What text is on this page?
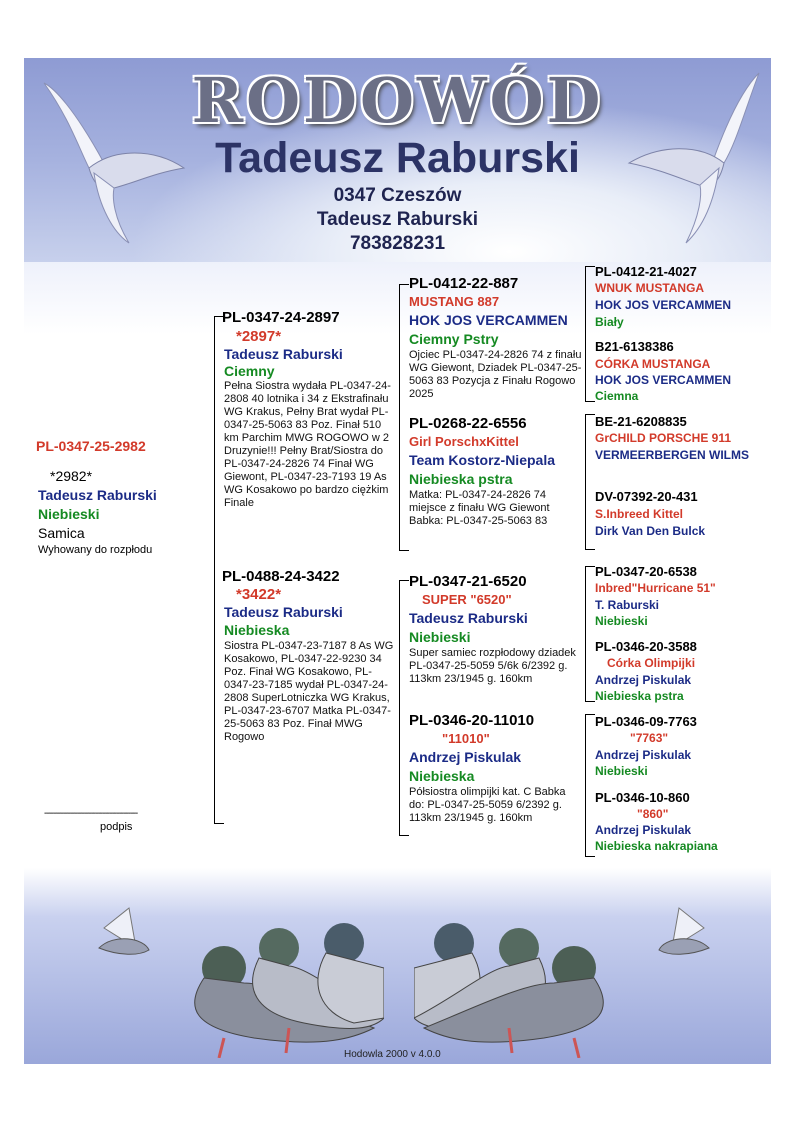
RODOWÓD
Tadeusz Raburski
0347 Czeszów
Tadeusz Raburski
783828231
Hodowla 2000 v 4.0.0
PL-0347-25-2982
*2982*
Tadeusz Raburski
Niebieski
Samica
Wyhowany do rozpłodu
----------------------------------------
podpis
PL-0347-24-2897
*2897*
Tadeusz Raburski
Ciemny
Pełna Siostra wydała PL-0347-24-2808 40 lotnika i 34 z Ekstrafinału WG Krakus, Pełny Brat wydał PL-0347-25-5063 83 Poz. Finał 510 km Parchim MWG ROGOWO w 2 Druzynie!!! Pełny Brat/Siostra do PL-0347-24-2826 74 Finał WG Giewont, PL-0347-23-7193 19 As WG Kosakowo po bardzo ciężkim Finale
PL-0488-24-3422
*3422*
Tadeusz Raburski
Niebieska
Siostra PL-0347-23-7187 8 As WG Kosakowo, PL-0347-22-9230 34 Poz. Finał WG Kosakowo, PL-0347-23-7185 wydał PL-0347-24-2808 SuperLotniczka WG Krakus, PL-0347-23-6707 Matka PL-0347-25-5063 83 Poz. Finał MWG Rogowo
PL-0412-22-887
MUSTANG 887
HOK JOS VERCAMMEN
Ciemny Pstry
Ojciec PL-0347-24-2826 74 z finału WG Giewont, Dziadek PL-0347-25-5063 83 Pozycja z Finału Rogowo 2025
PL-0268-22-6556
Girl PorschxKittel
Team Kostorz-Niepala
Niebieska pstra
Matka: PL-0347-24-2826 74 miejsce z finału WG Giewont Babka: PL-0347-25-5063 83
PL-0347-21-6520
SUPER "6520"
Tadeusz Raburski
Niebieski
Super samiec rozpłodowy dziadek PL-0347-25-5059 5/6k 6/2392 g. 113km 23/1945 g. 160km
PL-0346-20-11010
"11010"
Andrzej Piskulak
Niebieska
Półsiostra olimpijki kat. C Babka do: PL-0347-25-5059 6/2392 g. 113km 23/1945 g. 160km
PL-0412-21-4027
WNUK MUSTANGA
HOK JOS VERCAMMEN
Biały
B21-6138386
CÓRKA MUSTANGA
HOK JOS VERCAMMEN
Ciemna
BE-21-6208835
GrCHILD PORSCHE 911
VERMEERBERGEN WILMS
DV-07392-20-431
S.Inbreed Kittel
Dirk Van Den Bulck
PL-0347-20-6538
Inbred"Hurricane 51"
T. Raburski
Niebieski
PL-0346-20-3588
Córka Olimpijki
Andrzej Piskulak
Niebieska pstra
PL-0346-09-7763
"7763"
Andrzej Piskulak
Niebieski
PL-0346-10-860
"860"
Andrzej Piskulak
Niebieska nakrapiana
